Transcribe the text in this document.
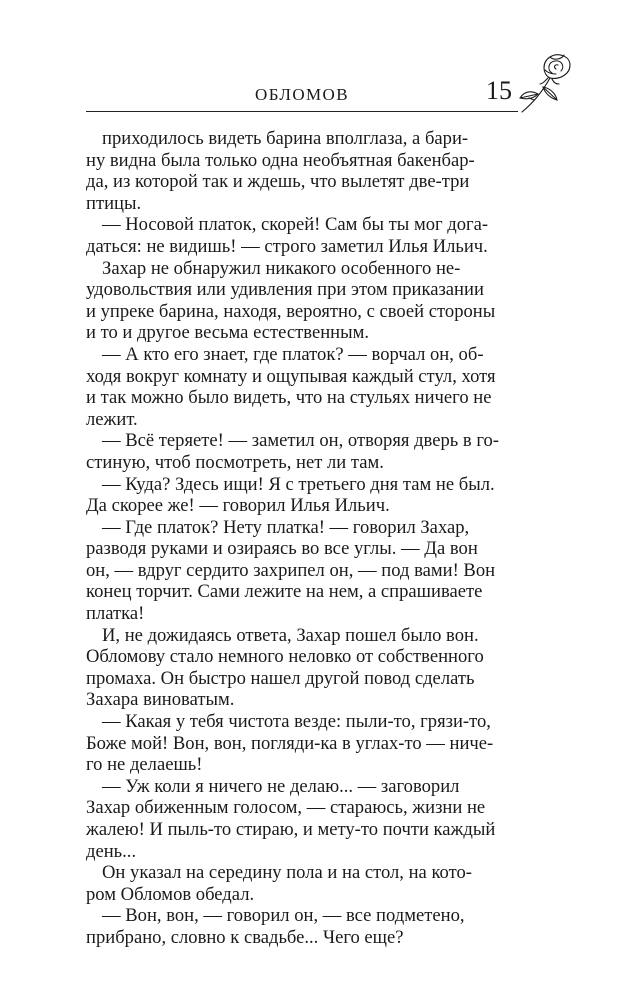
ОБЛОМОВ	15

приходилось видеть барина вполглаза, а бари-
ну видна была только одна необъятная бакенбар-
да, из которой так и ждешь, что вылетят две-три
птицы.

— Носовой платок, скорей! Сам бы ты мог дога-
даться: не видишь! — строго заметил Илья Ильич.

Захар не обнаружил никакого особенного не-
удовольствия или удивления при этом приказании
и упреке барина, находя, вероятно, с своей стороны
и то и другое весьма естественным.

— А кто его знает, где платок? — ворчал он, об-
ходя вокруг комнату и ощупывая каждый стул, хотя
и так можно было видеть, что на стульях ничего не
лежит.

— Всё теряете! — заметил он, отворяя дверь в го-
стиную, чтоб посмотреть, нет ли там.

— Куда? Здесь ищи! Я с третьего дня там не был.
Да скорее же! — говорил Илья Ильич.

— Где платок? Нету платка! — говорил Захар,
разводя руками и озираясь во все углы. — Да вон
он, — вдруг сердито захрипел он, — под вами! Вон
конец торчит. Сами лежите на нем, а спрашиваете
платка!

И, не дожидаясь ответа, Захар пошел было вон.
Обломову стало немного неловко от собственного
промаха. Он быстро нашел другой повод сделать
Захара виноватым.

— Какая у тебя чистота везде: пыли-то, грязи-то,
Боже мой! Вон, вон, погляди-ка в углах-то — ниче-
го не делаешь!

— Уж коли я ничего не делаю... — заговорил
Захар обиженным голосом, — стараюсь, жизни не
жалею! И пыль-то стираю, и мету-то почти каждый
день...

Он указал на середину пола и на стол, на кото-
ром Обломов обедал.

— Вон, вон, — говорил он, — все подметено,
прибрано, словно к свадьбе... Чего еще?
